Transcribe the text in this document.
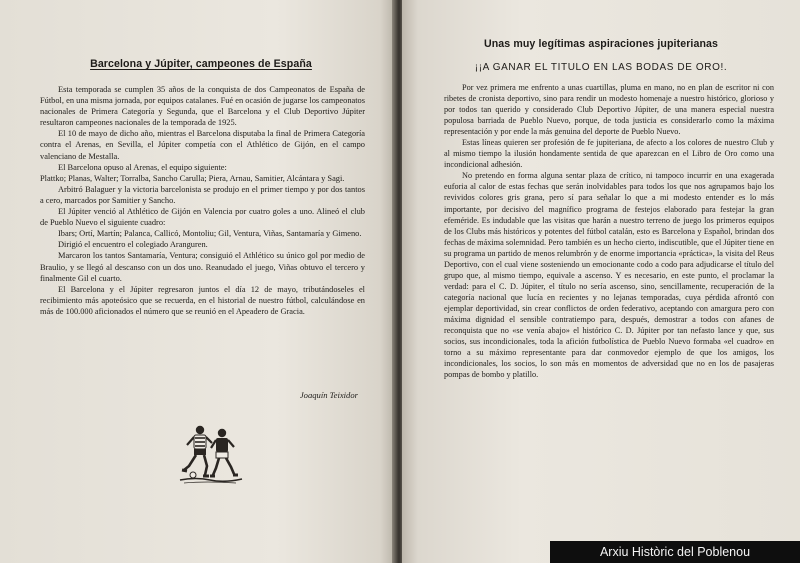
Barcelona y Júpiter, campeones de España

Esta temporada se cumplen 35 años de la conquista de dos Campeonatos de España de Fútbol, en una misma jornada, por equipos catalanes. Fué en ocasión de jugarse los campeonatos nacionales de Primera Categoría y Segunda, que el Barcelona y el Club Deportivo Júpiter resultaron campeones nacionales de la temporada de 1925.

El 10 de mayo de dicho año, mientras el Barcelona disputaba la final de Primera Categoría contra el Arenas, en Sevilla, el Júpiter competía con el Athlético de Gijón, en el campo valenciano de Mestalla.

El Barcelona opuso al Arenas, el equipo siguiente:

Plattko; Planas, Walter; Torralba, Sancho Carulla; Piera, Arnau, Samitier, Alcántara y Sagi.

Arbitró Balaguer y la victoria barcelonista se produjo en el primer tiempo y por dos tantos a cero, marcados por Samitier y Sancho.

El Júpiter venció al Athlético de Gijón en Valencia por cuatro goles a uno. Alineó el club de Pueblo Nuevo el siguiente cuadro:

Ibars; Ortí, Martín; Palanca, Callicó, Montoliu; Gil, Ventura, Viñas, Santamaría y Gimeno.

Dirigió el encuentro el colegiado Aranguren.

Marcaron los tantos Santamaría, Ventura; consiguió el Athlético su único gol por medio de Braulio, y se llegó al descanso con un dos uno. Reanudado el juego, Viñas obtuvo el tercero y finalmente Gil el cuarto.

El Barcelona y el Júpiter regresaron juntos el día 12 de mayo, tributándoseles el recibimiento más apoteósico que se recuerda, en el historial de nuestro fútbol, calculándose en más de 100.000 aficionados el número que se reunió en el Apeadero de Gracia.

Joaquín Teixidor

Unas muy legítimas aspiraciones jupiterianas

¡¡A GANAR EL TITULO EN LAS BODAS DE ORO!.

Por vez primera me enfrento a unas cuartillas, pluma en mano, no en plan de escritor ni con ribetes de cronista deportivo, sino para rendir un modesto homenaje a nuestro histórico, glorioso y por todos tan querido y considerado Club Deportivo Júpiter, de una manera especial nuestra populosa barriada de Pueblo Nuevo, porque, de toda justicia es considerarlo como la máxima representación y por ende la más genuina del deporte de Pueblo Nuevo.

Estas líneas quieren ser profesión de fe jupiteriana, de afecto a los colores de nuestro Club y al mismo tiempo la ilusión hondamente sentida de que aparezcan en el Libro de Oro como una incondicional adhesión.

No pretendo en forma alguna sentar plaza de crítico, ni tampoco incurrir en una exagerada euforia al calor de estas fechas que serán inolvidables para todos los que nos agrupamos bajo los revividos colores gris grana, pero sí para señalar lo que a mi modesto entender es lo más importante, por decisivo del magnífico programa de festejos elaborado para festejar la gran efeméride. Es indudable que las visitas que harán a nuestro terreno de juego los primeros equipos de los Clubs más históricos y potentes del fútbol catalán, esto es Barcelona y Español, brindan dos fechas de máxima solemnidad. Pero también es un hecho cierto, indiscutible, que el Júpiter tiene en su programa un partido de menos relumbrón y de enorme importancia «práctica», la visita del Reus Deportivo, con el cual viene sosteniendo un emocionante codo a codo para adjudicarse el título del grupo que, al mismo tiempo, equivale a ascenso. Y es necesario, en este punto, el proclamar la verdad: para el C. D. Júpiter, el título no sería ascenso, sino, sencillamente, recuperación de la categoría nacional que lucía en recientes y no lejanas temporadas, cuya pérdida afrontó con ejemplar deportividad, sin crear conflictos de orden federativo, aceptando con amargura pero con máxima dignidad el sensible contratiempo para, después, demostrar a todos con afanes de reconquista que no «se venía abajo» el histórico C. D. Júpiter por tan nefasto lance y que, sus socios, sus incondicionales, toda la afición futbolística de Pueblo Nuevo formaba «el cuadro» en torno a su máximo representante para dar conmovedor ejemplo de que los amigos, los incondicionales, los socios, lo son más en momentos de adversidad que no en los de pasajeras pompas de bombo y platillo.

Arxiu Històric del Poblenou
